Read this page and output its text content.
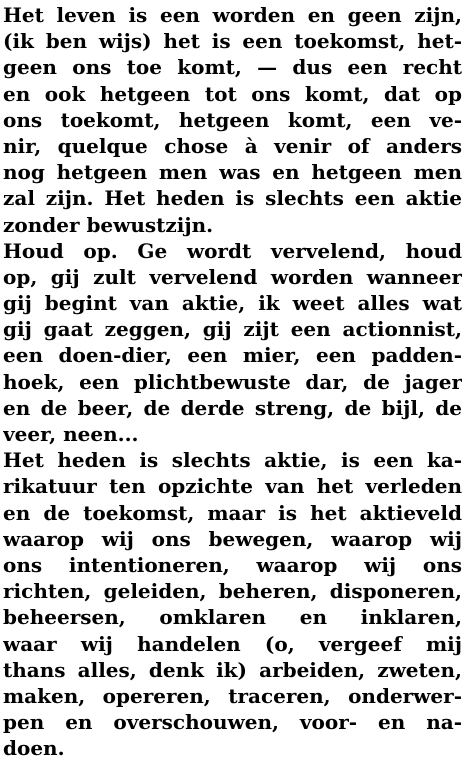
Het leven is een worden en geen zijn,
(ik ben wijs) het is een toekomst, het-
geen ons toe komt, — dus een recht
en ook hetgeen tot ons komt, dat op
ons toekomt, hetgeen komt, een ve-
nir, quelque chose à venir of anders
nog hetgeen men was en hetgeen men
zal zijn. Het heden is slechts een aktie
zonder bewustzijn.
Houd op. Ge wordt vervelend, houd
op, gij zult vervelend worden wanneer
gij begint van aktie, ik weet alles wat
gij gaat zeggen, gij zijt een actionnist,
een doen-dier, een mier, een padden-
hoek, een plichtbewuste dar, de jager
en de beer, de derde streng, de bijl, de
veer, neen...
Het heden is slechts aktie, is een ka-
rikatuur ten opzichte van het verleden
en de toekomst, maar is het aktieveld
waarop wij ons bewegen, waarop wij
ons intentioneren, waarop wij ons
richten, geleiden, beheren, disponeren,
beheersen, omklaren en inklaren,
waar wij handelen (o, vergeef mij
thans alles, denk ik) arbeiden, zweten,
maken, opereren, traceren, onderwer-
pen en overschouwen, voor- en na-
doen.
